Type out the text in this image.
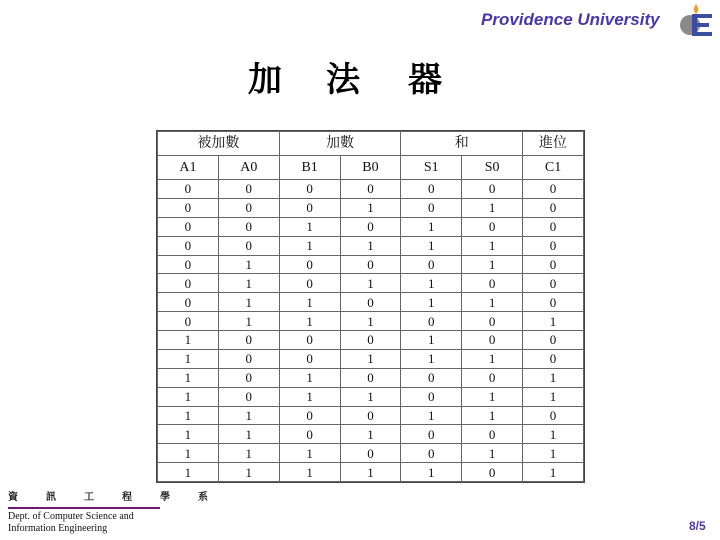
Providence University
加 法 器
被加數		加數		和		進位
A1	A0	B1	B0	S1	S0	C1
0	0	0	0	0	0	0
0	0	0	1	0	1	0
0	0	1	0	1	0	0
0	0	1	1	1	1	0
0	1	0	0	0	1	0
0	1	0	1	1	0	0
0	1	1	0	1	1	0
0	1	1	1	0	0	1
1	0	0	0	1	0	0
1	0	0	1	1	1	0
1	0	1	0	0	0	1
1	0	1	1	0	1	1
1	1	0	0	1	1	0
1	1	0	1	0	0	1
1	1	1	0	0	1	1
1	1	1	1	1	0	1
資	訊	工	程	學	系
Dept. of Computer Science and
Information Engineering	8/5
